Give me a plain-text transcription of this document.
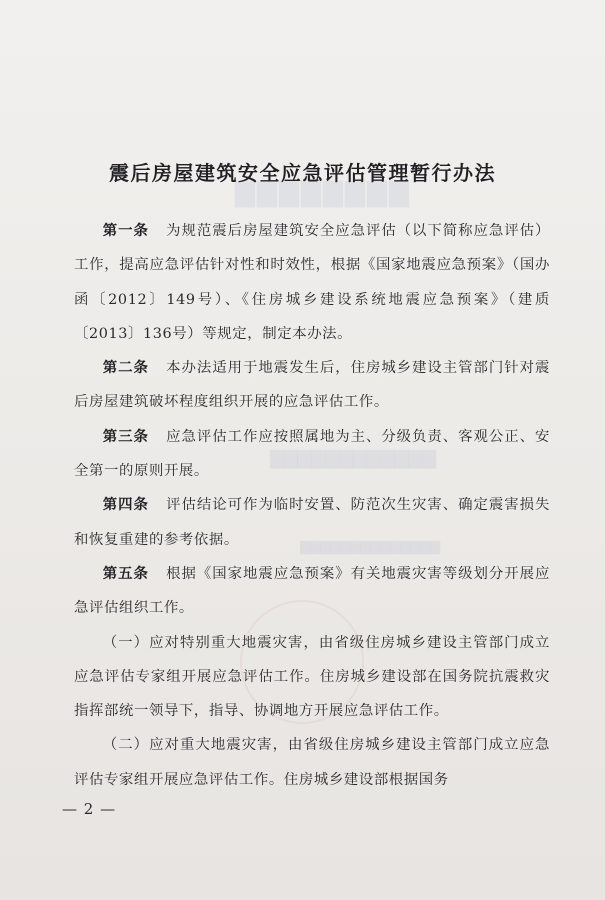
▇▇▇▇▇▇▇▇
▇▇▇▇▇▇▇▇▇▇▇▇
▇▇▇▇▇▇▇▇▇▇▇▇▇▇
震后房屋建筑安全应急评估管理暂行办法

第一条 为规范震后房屋建筑安全应急评估（以下简称应急评估）工作，提高应急评估针对性和时效性，根据《国家地震应急预案》（国办函〔2012〕149号）、《住房城乡建设系统地震应急预案》（建质〔2013〕136号）等规定，制定本办法。

第二条 本办法适用于地震发生后，住房城乡建设主管部门针对震后房屋建筑破坏程度组织开展的应急评估工作。

第三条 应急评估工作应按照属地为主、分级负责、客观公正、安全第一的原则开展。

第四条 评估结论可作为临时安置、防范次生灾害、确定震害损失和恢复重建的参考依据。

第五条 根据《国家地震应急预案》有关地震灾害等级划分开展应急评估组织工作。

（一）应对特别重大地震灾害，由省级住房城乡建设主管部门成立应急评估专家组开展应急评估工作。住房城乡建设部在国务院抗震救灾指挥部统一领导下，指导、协调地方开展应急评估工作。

（二）应对重大地震灾害，由省级住房城乡建设主管部门成立应急评估专家组开展应急评估工作。住房城乡建设部根据国务

— 2 —
